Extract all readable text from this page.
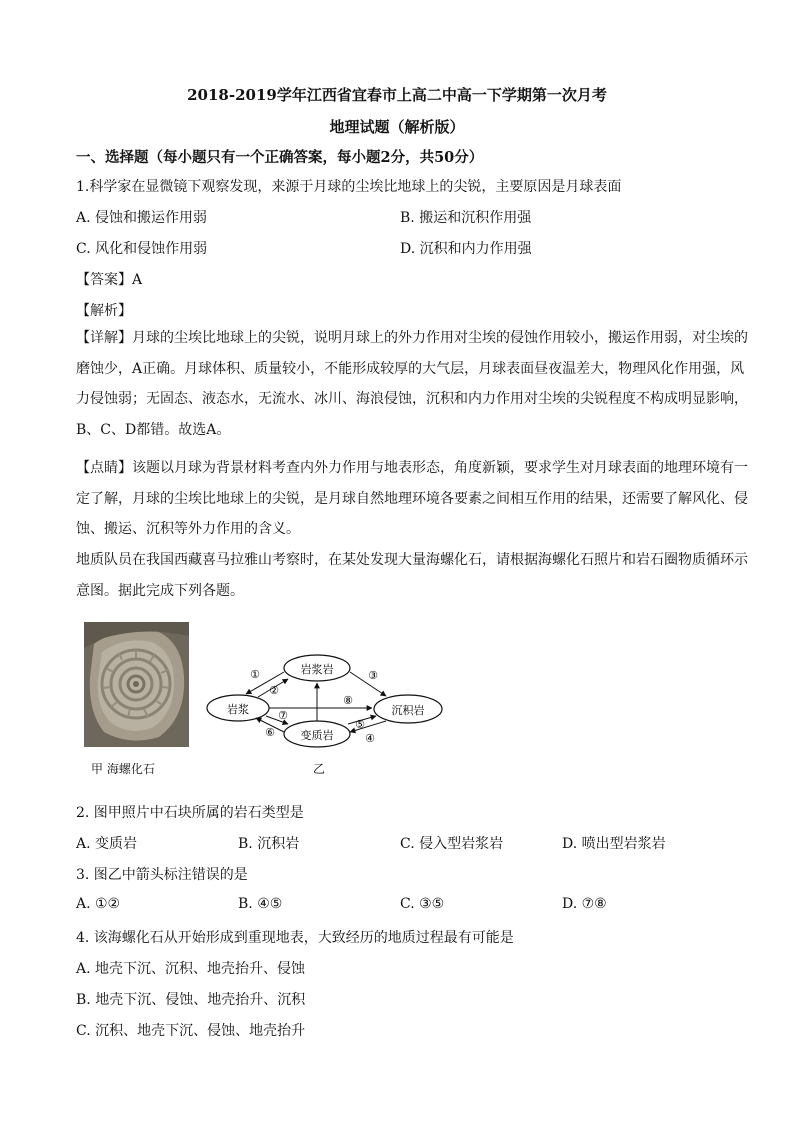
2018-2019学年江西省宜春市上高二中高一下学期第一次月考
地理试题（解析版）
一、选择题（每小题只有一个正确答案，每小题2分，共50分）
1.科学家在显微镜下观察发现，来源于月球的尘埃比地球上的尖锐，主要原因是月球表面
A. 侵蚀和搬运作用弱	B. 搬运和沉积作用强
C. 风化和侵蚀作用弱	D. 沉积和内力作用强
【答案】A
【解析】
【详解】月球的尘埃比地球上的尖锐，说明月球上的外力作用对尘埃的侵蚀作用较小，搬运作用弱，对尘埃的磨蚀少，A正确。月球体积、质量较小，不能形成较厚的大气层，月球表面昼夜温差大，物理风化作用强，风力侵蚀弱；无固态、液态水，无流水、冰川、海浪侵蚀，沉积和内力作用对尘埃的尖锐程度不构成明显影响，B、C、D都错。故选A。
【点睛】该题以月球为背景材料考查内外力作用与地表形态，角度新颖，要求学生对月球表面的地理环境有一定了解，月球的尘埃比地球上的尖锐，是月球自然地理环境各要素之间相互作用的结果，还需要了解风化、侵蚀、搬运、沉积等外力作用的含义。
地质队员在我国西藏喜马拉雅山考察时，在某处发现大量海螺化石，请根据海螺化石照片和岩石圈物质循环示意图。据此完成下列各题。
甲 海螺化石
岩浆岩
岩浆	沉积岩
变质岩
①
②
③
④
⑤
⑥
⑦
⑧
乙
2. 图甲照片中石块所属的岩石类型是
A. 变质岩	B. 沉积岩	C. 侵入型岩浆岩	D. 喷出型岩浆岩
3. 图乙中箭头标注错误的是
A. ①②	B. ④⑤	C. ③⑤	D. ⑦⑧
4. 该海螺化石从开始形成到重现地表，大致经历的地质过程最有可能是
A. 地壳下沉、沉积、地壳抬升、侵蚀
B. 地壳下沉、侵蚀、地壳抬升、沉积
C. 沉积、地壳下沉、侵蚀、地壳抬升
